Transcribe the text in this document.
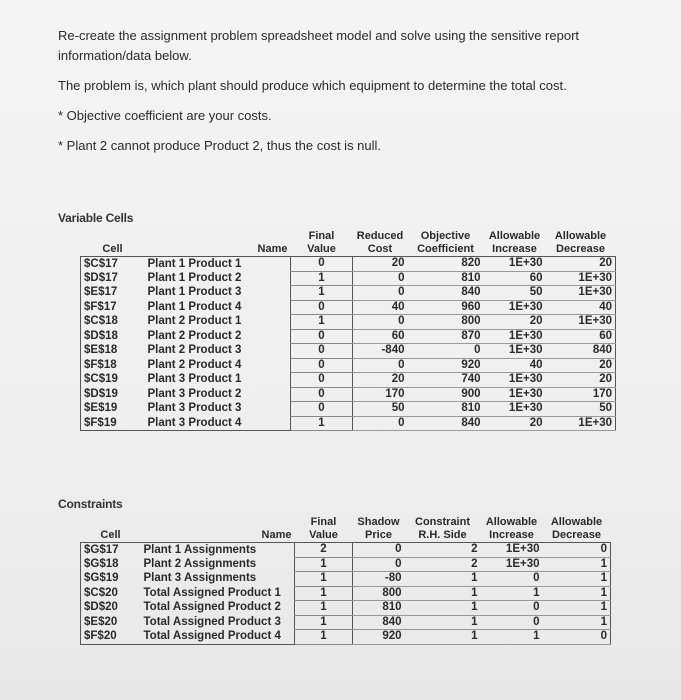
Re-create the assignment problem spreadsheet model and solve using the sensitive report

information/data below.

The problem is, which plant should produce which equipment to determine the total cost.

* Objective coefficient are your costs.

* Plant 2 cannot produce Product 2, thus the cost is null.

Variable Cells
		Final	Reduced	Objective	Allowable	Allowable
Cell	Name	Value	Cost	Coefficient	Increase	Decrease
$C$17	Plant 1 Product 1	0	20	820	1E+30	20
$D$17	Plant 1 Product 2	1	0	810	60	1E+30
$E$17	Plant 1 Product 3	1	0	840	50	1E+30
$F$17	Plant 1 Product 4	0	40	960	1E+30	40
$C$18	Plant 2 Product 1	1	0	800	20	1E+30
$D$18	Plant 2 Product 2	0	60	870	1E+30	60
$E$18	Plant 2 Product 3	0	-840	0	1E+30	840
$F$18	Plant 2 Product 4	0	0	920	40	20
$C$19	Plant 3 Product 1	0	20	740	1E+30	20
$D$19	Plant 3 Product 2	0	170	900	1E+30	170
$E$19	Plant 3 Product 3	0	50	810	1E+30	50
$F$19	Plant 3 Product 4	1	0	840	20	1E+30
Constraints
		Final	Shadow	Constraint	Allowable	Allowable
Cell	Name	Value	Price	R.H. Side	Increase	Decrease
$G$17	Plant 1 Assignments	2	0	2	1E+30	0
$G$18	Plant 2 Assignments	1	0	2	1E+30	1
$G$19	Plant 3 Assignments	1	-80	1	0	1
$C$20	Total Assigned Product 1	1	800	1	1	1
$D$20	Total Assigned Product 2	1	810	1	0	1
$E$20	Total Assigned Product 3	1	840	1	0	1
$F$20	Total Assigned Product 4	1	920	1	1	0
